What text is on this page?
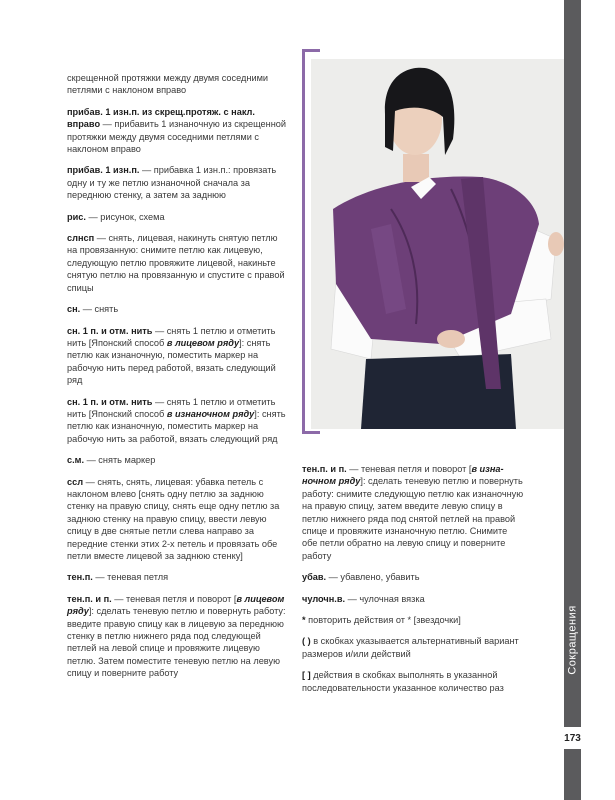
скрещенной протяжки между двумя соседними петлями с наклоном вправо

прибав. 1 изн.п. из скрещ.протяж. с накл. вправо — прибавить 1 изнаночную из скрещенной протяжки между двумя соседними петлями с наклоном вправо

прибав. 1 изн.п. — прибавка 1 изн.п.: провязать одну и ту же петлю изнаночной сначала за переднюю стенку, а затем за заднюю

рис. — рисунок, схема

слнсп — снять, лицевая, накинуть снятую петлю на провязанную: снимите петлю как лицевую, следующую петлю провяжите лицевой, накиньте снятую петлю на провязанную и спустите с правой спицы

сн. — снять

сн. 1 п. и отм. нить — снять 1 петлю и отметить нить [Японский способ в лицевом ряду]: снять петлю как изнаночную, поместить маркер на рабочую нить перед работой, вязать следующий ряд

сн. 1 п. и отм. нить — снять 1 петлю и отметить нить [Японский способ в изнаночном ряду]: снять петлю как изнаночную, поместить маркер на рабочую нить за работой, вязать следующий ряд

с.м. — снять маркер

ссл — снять, снять, лицевая: убавка петель с наклоном влево [снять одну петлю за заднюю стенку на правую спицу, снять еще одну петлю за заднюю стенку на правую спицу, ввести левую спицу в две снятые петли слева направо за передние стенки этих 2-х петель и провязать обе петли вместе лицевой за заднюю стенку]

тен.п. — теневая петля

тен.п. и п. — теневая петля и поворот [в лицевом ряду]: сделать теневую петлю и повернуть работу: введите правую спицу как в лицевую за переднюю стенку в петлю нижнего ряда под следующей петлей на левой спице и провяжите лицевую петлю. Затем поместите теневую петлю на левую спицу и поверните работу

тен.п. и п. — теневая петля и поворот [в изнаночном ряду]: сделать теневую петлю и повернуть работу: снимите следующую петлю как изнаночную на правую спицу, затем введите левую спицу в петлю нижнего ряда под снятой петлей на правой спице и провяжите изнаночную петлю. Снимите обе петли обратно на левую спицу и поверните работу

убав. — убавлено, убавить

чулочн.в. — чулочная вязка

* повторить действия от * [звездочки]

( ) в скобках указывается альтернативный вариант размеров и/или действий

[ ] действия в скобках выполнять в указанной последовательности указанное количество раз

Сокращения
173
